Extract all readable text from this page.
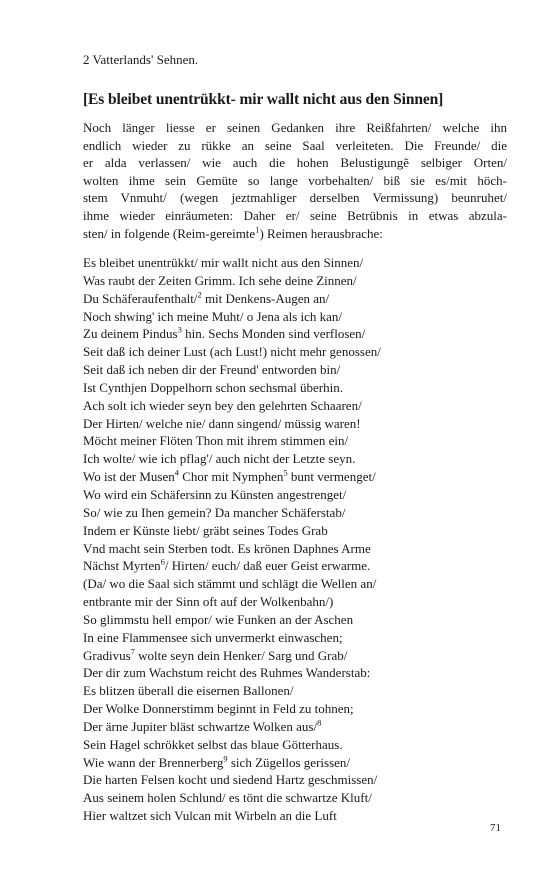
2 Vatterlands' Sehnen.
[Es bleibet unentrükkt- mir wallt nicht aus den Sinnen]
Noch länger liesse er seinen Gedanken ihre Reißfahrten/ welche ihn
endlich wieder zu rükke an seine Saal verleiteten. Die Freunde/ die
er alda verlassen/ wie auch die hohen Belustigungẽ selbiger Orten/
wolten ihme sein Gemüte so lange vorbehalten/ biß sie es/mit höch-
stem Vnmuht/ (wegen jeztmahliger derselben Vermissung) beunruhet/
ihme wieder einräumeten: Daher er/ seine Betrübnis in etwas abzula-
sten/ in folgende (Reim-gereimte$^1$) Reimen herausbrache:
Es bleibet unentrükkt/ mir wallt nicht aus den Sinnen/
Was raubt der Zeiten Grimm. Ich sehe deine Zinnen/
Du Schäferaufenthalt/$^2$ mit Denkens-Augen an/
Noch shwing' ich meine Muht/ o Jena als ich kan/
Zu deinem Pindus$^3$ hin. Sechs Monden sind verflosen/
Seit daß ich deiner Lust (ach Lust!) nicht mehr genossen/
Seit daß ich neben dir der Freund' entworden bin/
Ist Cynthjen Doppelhorn schon sechsmal überhin.
Ach solt ich wieder seyn bey den gelehrten Schaaren/
Der Hirten/ welche nie/ dann singend/ müssig waren!
Möcht meiner Flöten Thon mit ihrem stimmen ein/
Ich wolte/ wie ich pflag'/ auch nicht der Letzte seyn.
Wo ist der Musen$^4$ Chor mit Nymphen$^5$ bunt vermenget/
Wo wird ein Schäfersinn zu Künsten angestrenget/
So/ wie zu Ihen gemein? Da mancher Schäferstab/
Indem er Künste liebt/ gräbt seines Todes Grab
Vnd macht sein Sterben todt. Es krönen Daphnes Arme
Nächst Myrten$^6$/ Hirten/ euch/ daß euer Geist erwarme.
(Da/ wo die Saal sich stämmt und schlägt die Wellen an/
entbrante mir der Sinn oft auf der Wolkenbahn/)
So glimmstu hell empor/ wie Funken an der Aschen
In eine Flammensee sich unvermerkt einwaschen;
Gradivus$^7$ wolte seyn dein Henker/ Sarg und Grab/
Der dir zum Wachstum reicht des Ruhmes Wanderstab:
Es blitzen überall die eisernen Ballonen/
Der Wolke Donnerstimm beginnt in Feld zu tohnen;
Der ärne Jupiter bläst schwartze Wolken aus/$^8$
Sein Hagel schrökket selbst das blaue Götterhaus.
Wie wann der Brennerberg$^9$ sich Zügellos gerissen/
Die harten Felsen kocht und siedend Hartz geschmissen/
Aus seinem holen Schlund/ es tönt die schwartze Kluft/
Hier waltzet sich Vulcan mit Wirbeln an die Luft
71
